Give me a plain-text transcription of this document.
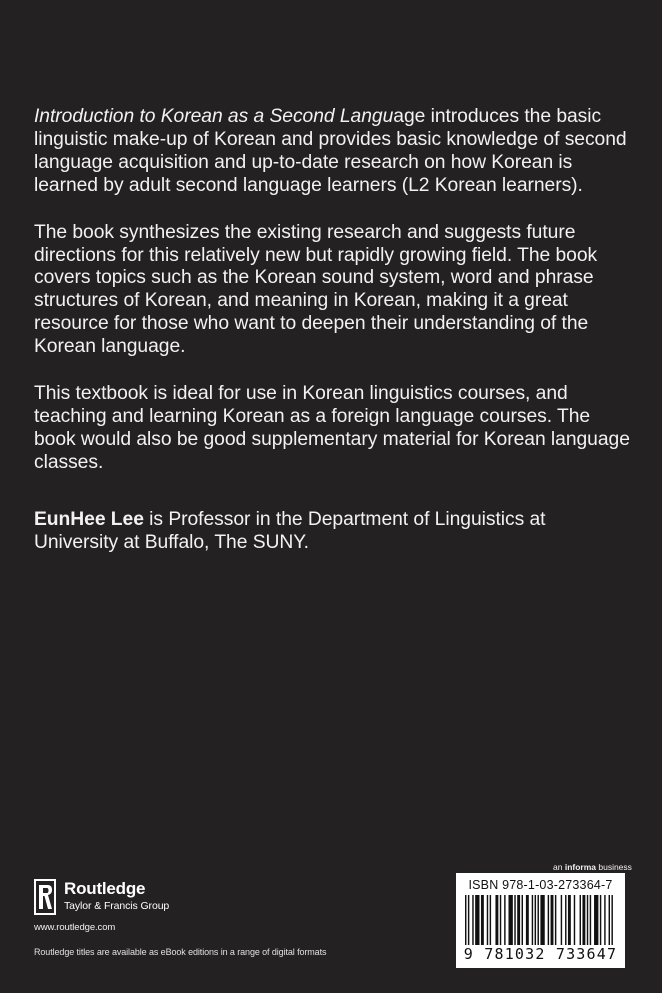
Introduction to Korean as a Second Language introduces the basic linguistic make-up of Korean and provides basic knowledge of second language acquisition and up-to-date research on how Korean is learned by adult second language learners (L2 Korean learners).

The book synthesizes the existing research and suggests future directions for this relatively new but rapidly growing field. The book covers topics such as the Korean sound system, word and phrase structures of Korean, and meaning in Korean, making it a great resource for those who want to deepen their understanding of the Korean language.

This textbook is ideal for use in Korean linguistics courses, and teaching and learning Korean as a foreign language courses. The book would also be good supplementary material for Korean language classes.

EunHee Lee is Professor in the Department of Linguistics at University at Buffalo, The SUNY.

Routledge
Taylor & Francis Group
www.routledge.com
Routledge titles are available as eBook editions in a range of digital formats
an informa business
ISBN 978-1-03-273364-7
9 781032 733647
